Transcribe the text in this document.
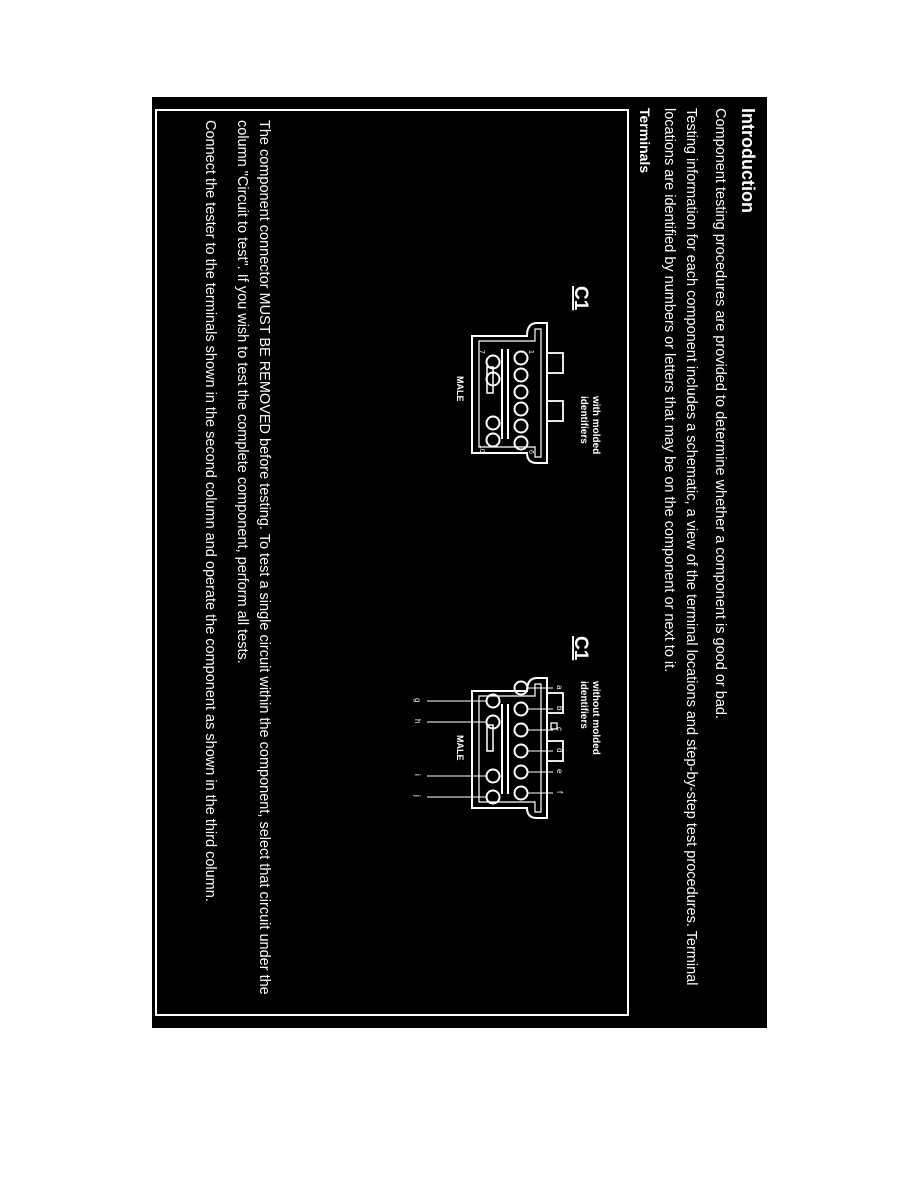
Introduction
Component testing procedures are provided to determine whether a component is good or bad.
Testing information for each component includes a schematic, a view of the terminal locations and step-by-step test procedures. Terminal
locations are identified by numbers or letters that may be on the component or next to it.
Terminals
C1
with molded
identifiers
1
6
7
10
MALE
C1
without molded
identifiers
a
b
c
d
e
f
g
h
i
j
MALE
The component connector MUST BE REMOVED before testing. To test a single circuit within the component, select that circuit under the
column "Circuit to test". If you wish to test the complete component, perform all tests.
Connect the tester to the terminals shown in the second column and operate the component as shown in the third column.
